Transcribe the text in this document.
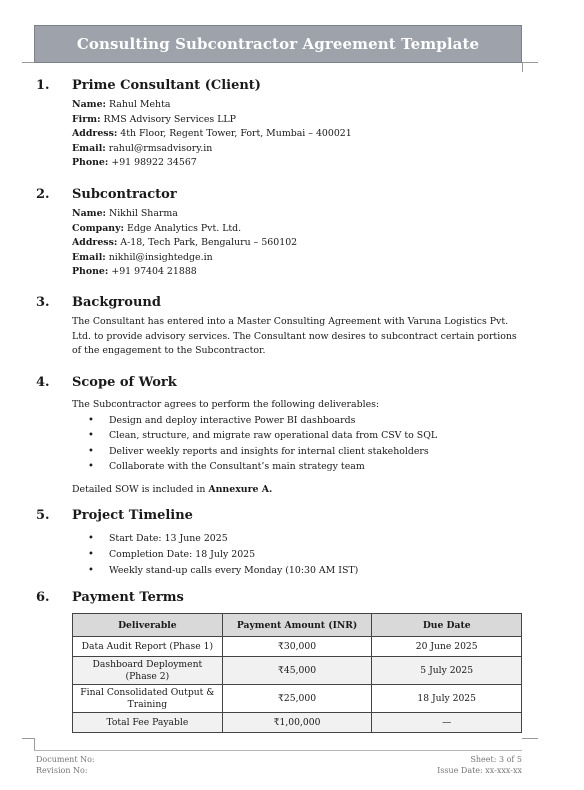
Consulting Subcontractor Agreement Template
1.	Prime Consultant (Client)
Name: Rahul Mehta
Firm: RMS Advisory Services LLP
Address: 4th Floor, Regent Tower, Fort, Mumbai – 400021
Email: rahul@rmsadvisory.in
Phone: +91 98922 34567
2.	Subcontractor
Name: Nikhil Sharma
Company: Edge Analytics Pvt. Ltd.
Address: A-18, Tech Park, Bengaluru – 560102
Email: nikhil@insightedge.in
Phone: +91 97404 21888
3.	Background

The Consultant has entered into a Master Consulting Agreement with Varuna Logistics Pvt. Ltd. to provide advisory services. The Consultant now desires to subcontract certain portions of the engagement to the Subcontractor.

4.	Scope of Work

The Subcontractor agrees to perform the following deliverables:

• Design and deploy interactive Power BI dashboards
• Clean, structure, and migrate raw operational data from CSV to SQL
• Deliver weekly reports and insights for internal client stakeholders
• Collaborate with the Consultant’s main strategy team

Detailed SOW is included in Annexure A.

5.	Project Timeline
• Start Date: 13 June 2025
• Completion Date: 18 July 2025
• Weekly stand-up calls every Monday (10:30 AM IST)
6.	Payment Terms
Deliverable	Payment Amount (INR)	Due Date
Data Audit Report (Phase 1)	₹30,000	20 June 2025
Dashboard Deployment (Phase 2)	₹45,000	5 July 2025
Final Consolidated Output & Training	₹25,000	18 July 2025
Total Fee Payable	₹1,00,000	—
Document No:
Revision No:
Sheet: 3 of 5
Issue Date: xx-xxx-xx
